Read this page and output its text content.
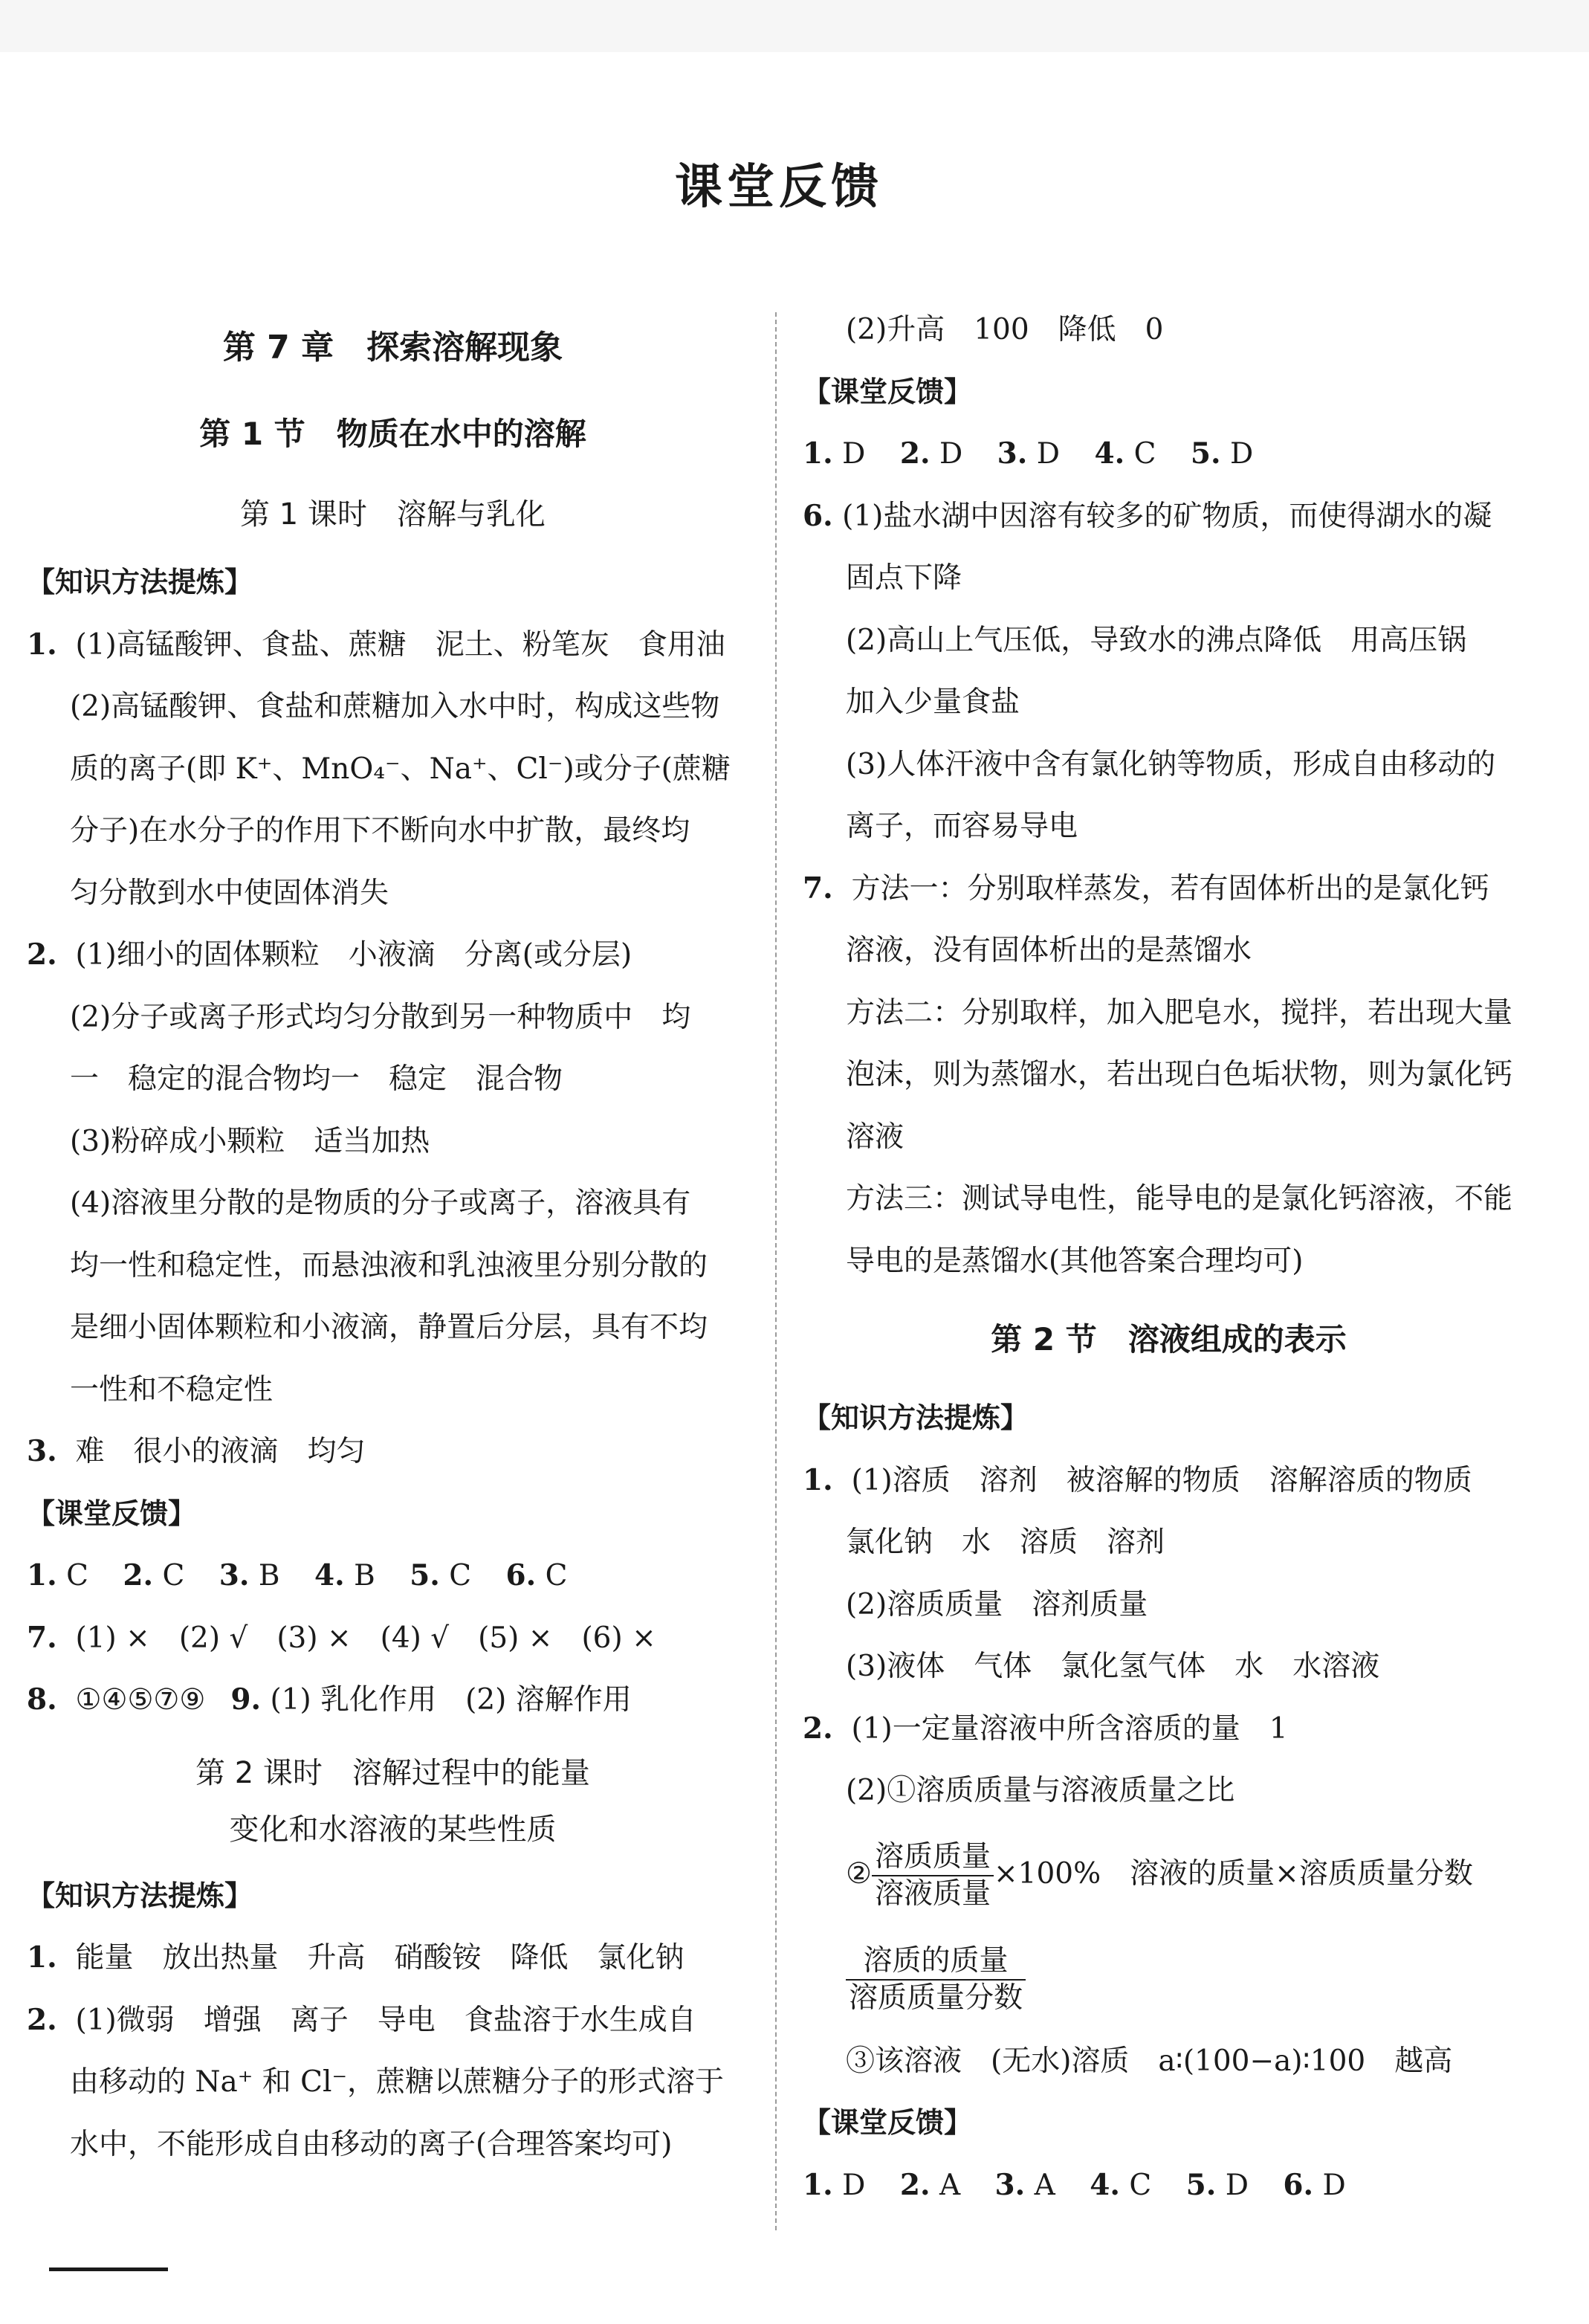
课堂反馈
第 7 章　探索溶解现象
第 1 节　物质在水中的溶解
第 1 课时　溶解与乳化
【知识方法提炼】
1. (1)高锰酸钾、食盐、蔗糖　泥土、粉笔灰　食用油
(2)高锰酸钾、食盐和蔗糖加入水中时，构成这些物
质的离子(即 K⁺、MnO₄⁻、Na⁺、Cl⁻)或分子(蔗糖
分子)在水分子的作用下不断向水中扩散，最终均
匀分散到水中使固体消失
2. (1)细小的固体颗粒　小液滴　分离(或分层)
(2)分子或离子形式均匀分散到另一种物质中　均
一　稳定的混合物均一　稳定　混合物
(3)粉碎成小颗粒　适当加热
(4)溶液里分散的是物质的分子或离子，溶液具有
均一性和稳定性，而悬浊液和乳浊液里分别分散的
是细小固体颗粒和小液滴，静置后分层，具有不均
一性和不稳定性
3. 难　很小的液滴　均匀
【课堂反馈】
1. C 2. C 3. B 4. B 5. C 6. C
7. (1) ×　(2) √　(3) ×　(4) √　(5) ×　(6) ×
8. ①④⑤⑦⑨ 9. (1) 乳化作用　(2) 溶解作用
第 2 课时　溶解过程中的能量
变化和水溶液的某些性质
【知识方法提炼】
1. 能量　放出热量　升高　硝酸铵　降低　氯化钠
2. (1)微弱　增强　离子　导电　食盐溶于水生成自
由移动的 Na⁺ 和 Cl⁻，蔗糖以蔗糖分子的形式溶于
水中，不能形成自由移动的离子(合理答案均可)
(2)升高　100　降低　0
【课堂反馈】
1. D 2. D 3. D 4. C 5. D
6. (1)盐水湖中因溶有较多的矿物质，而使得湖水的凝
固点下降
(2)高山上气压低，导致水的沸点降低　用高压锅
加入少量食盐
(3)人体汗液中含有氯化钠等物质，形成自由移动的
离子，而容易导电
7. 方法一：分别取样蒸发，若有固体析出的是氯化钙
溶液，没有固体析出的是蒸馏水
方法二：分别取样，加入肥皂水，搅拌，若出现大量
泡沫，则为蒸馏水，若出现白色垢状物，则为氯化钙
溶液
方法三：测试导电性，能导电的是氯化钙溶液，不能
导电的是蒸馏水(其他答案合理均可)
第 2 节　溶液组成的表示
【知识方法提炼】
1. (1)溶质　溶剂　被溶解的物质　溶解溶质的物质
氯化钠　水　溶质　溶剂
(2)溶质质量　溶剂质量
(3)液体　气体　氯化氢气体　水　水溶液
2. (1)一定量溶液中所含溶质的量　1
(2)①溶质质量与溶液质量之比
② $\frac{\text{溶质质量}}{\text{溶液质量}} \times 100\%$　溶液的质量×溶质质量分数
$\frac{\text{溶质的质量}}{\text{溶质质量分数}}$
③该溶液　(无水)溶质　a∶(100−a)∶100　越高
【课堂反馈】
1. D 2. A 3. A 4. C 5. D 6. D
